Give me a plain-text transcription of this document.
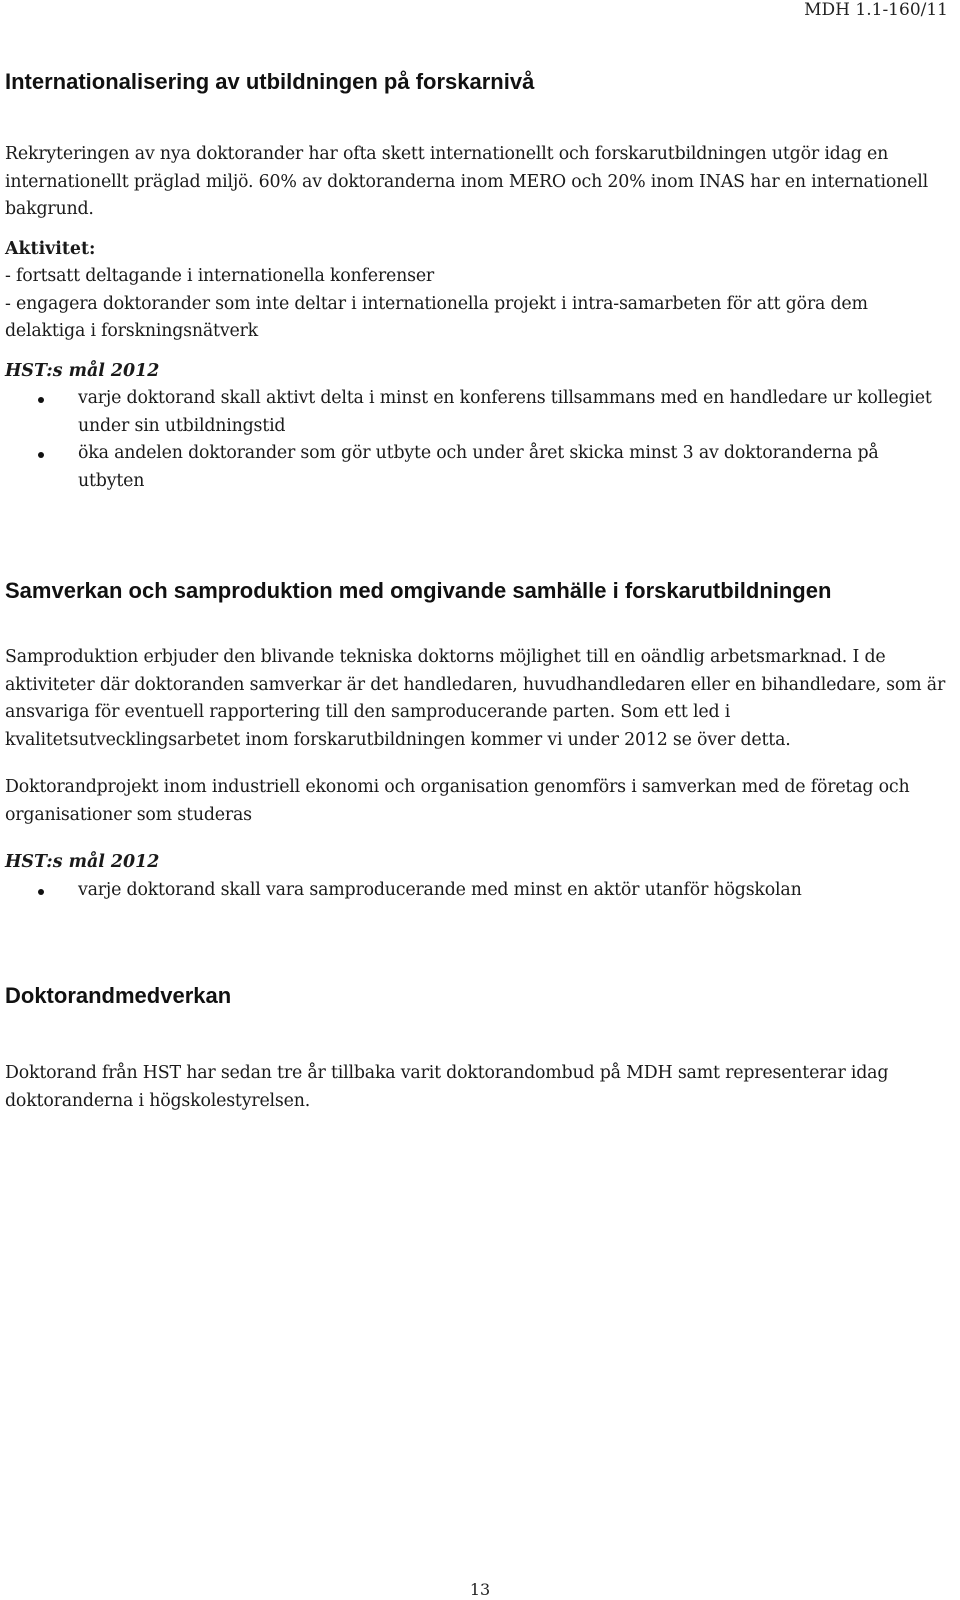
MDH 1.1-160/11
Internationalisering av utbildningen på forskarnivå

Rekryteringen av nya doktorander har ofta skett internationellt och forskarutbildningen utgör idag en internationellt präglad miljö. 60% av doktoranderna inom MERO och 20% inom INAS har en internationell bakgrund.

Aktivitet:

- fortsatt deltagande i internationella konferenser

- engagera doktorander som inte deltar i internationella projekt i intra-samarbeten för att göra dem delaktiga i forskningsnätverk

HST:s mål 2012
varje doktorand skall aktivt delta i minst en konferens tillsammans med en handledare ur kollegiet under sin utbildningstid
öka andelen doktorander som gör utbyte och under året skicka minst 3 av doktoranderna på utbyten
Samverkan och samproduktion med omgivande samhälle i forskarutbildningen

Samproduktion erbjuder den blivande tekniska doktorns möjlighet till en oändlig arbetsmarknad. I de aktiviteter där doktoranden samverkar är det handledaren, huvudhandledaren eller en bihandledare, som är ansvariga för eventuell rapportering till den samproducerande parten. Som ett led i kvalitetsutvecklingsarbetet inom forskarutbildningen kommer vi under 2012 se över detta.

Doktorandprojekt inom industriell ekonomi och organisation genomförs i samverkan med de företag och organisationer som studeras

HST:s mål 2012
varje doktorand skall vara samproducerande med minst en aktör utanför högskolan
Doktorandmedverkan

Doktorand från HST har sedan tre år tillbaka varit doktorandombud på MDH samt representerar idag doktoranderna i högskolestyrelsen.

13
